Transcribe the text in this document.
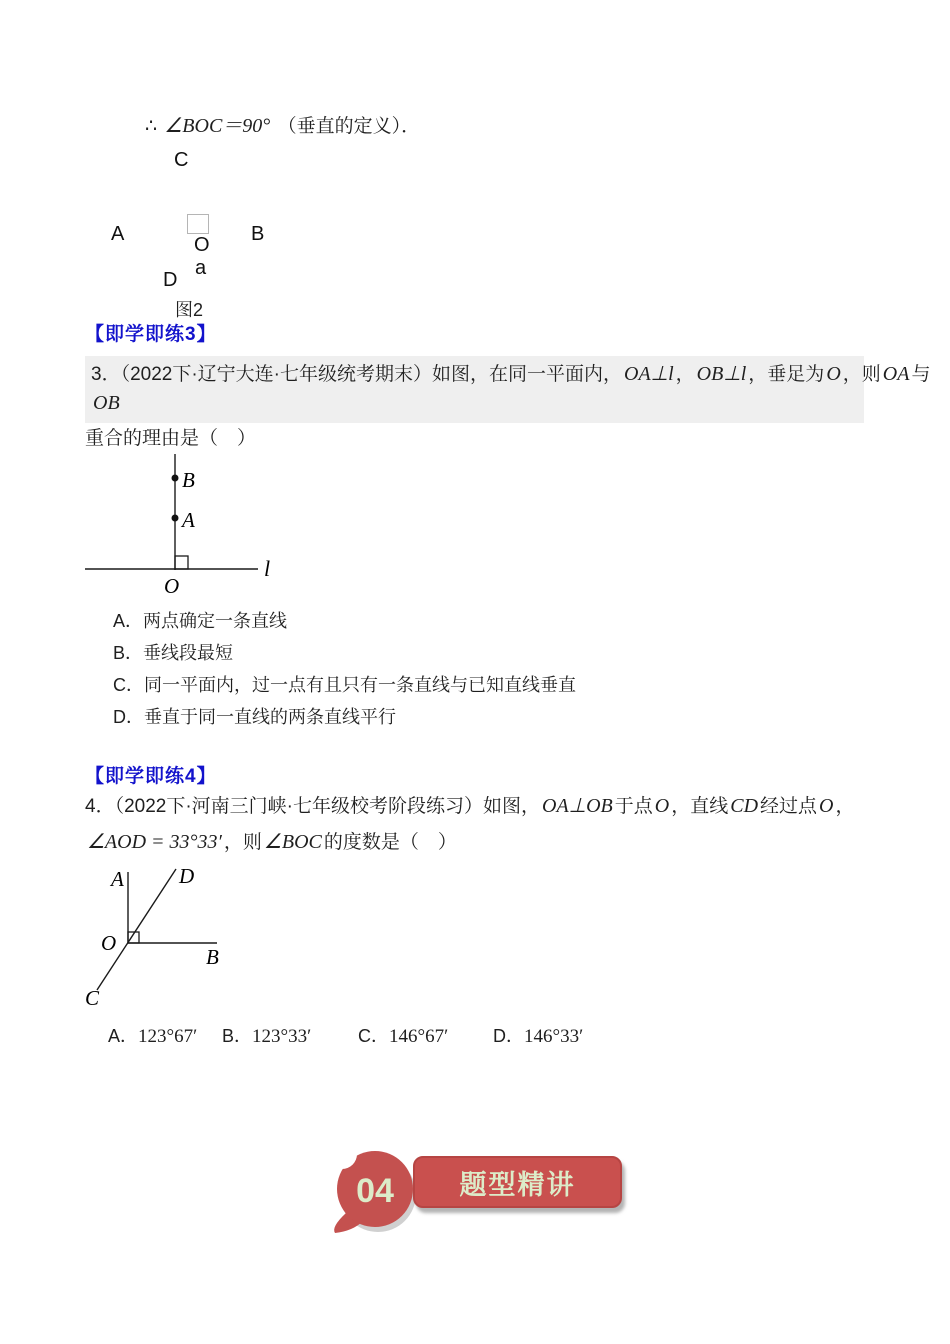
∴ ∠BOC＝90° （垂直的定义）．
C
A	B
O
a
D
图2
【即学即练3】
3．（2022下·辽宁大连·七年级统考期末）如图，在同一平面内， OA⊥l ， OB⊥l ，垂足为 O ，则 OA 与
OB
重合的理由是（　）
B
A
l
O
A．两点确定一条直线
B．垂线段最短
C．同一平面内，过一点有且只有一条直线与已知直线垂直
D．垂直于同一直线的两条直线平行
【即学即练4】
4．（2022下·河南三门峡·七年级校考阶段练习）如图， OA⊥OB 于点 O ，直线 CD 经过点 O ，
∠AOD = 33°33′ ，则 ∠BOC 的度数是（　）
A	D
O
B
C
A．123°67′ B．123°33′	C．146°67′ D．146°33′
04 题型精讲
